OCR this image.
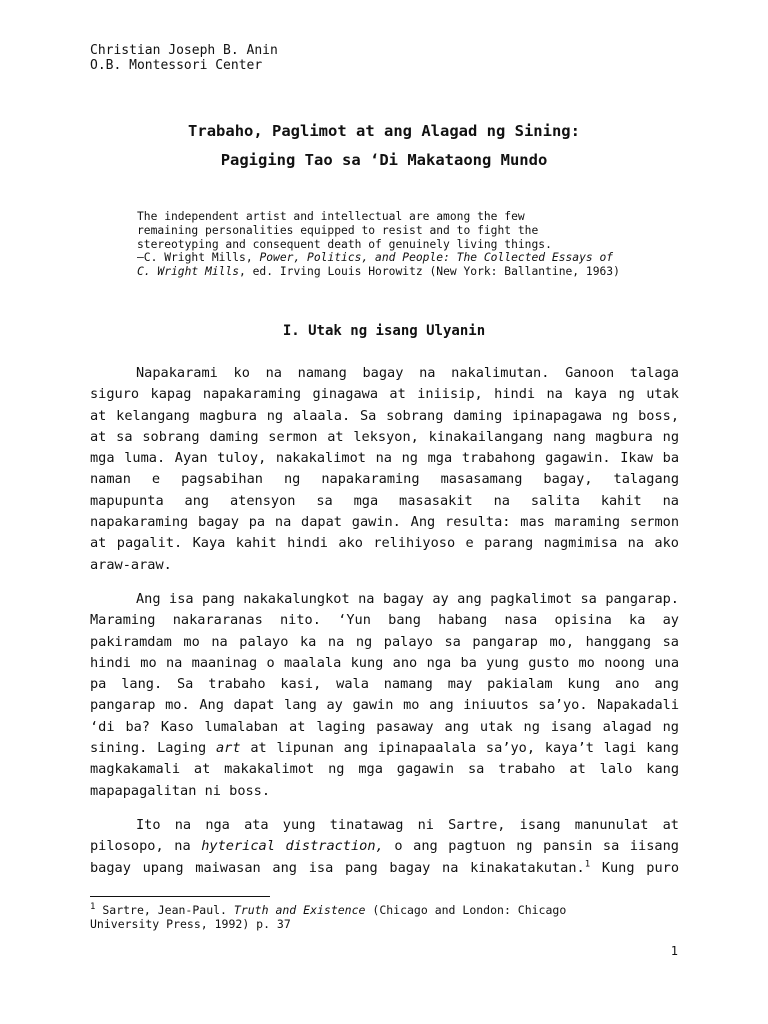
Christian Joseph B. Anin
O.B. Montessori Center
Trabaho, Paglimot at ang Alagad ng Sining:
Pagiging Tao sa ‘Di Makataong Mundo
The independent artist and intellectual are among the few
remaining personalities equipped to resist and to fight the
stereotyping and consequent death of genuinely living things.
–C. Wright Mills, Power, Politics, and People: The Collected Essays of
C. Wright Mills, ed. Irving Louis Horowitz (New York: Ballantine, 1963)
I. Utak ng isang Ulyanin
Napakarami ko na namang bagay na nakalimutan. Ganoon talaga
siguro kapag napakaraming ginagawa at iniisip, hindi na kaya ng utak
at kelangang magbura ng alaala. Sa sobrang daming ipinapagawa ng boss,
at sa sobrang daming sermon at leksyon, kinakailangang nang magbura ng
mga luma. Ayan tuloy, nakakalimot na ng mga trabahong gagawin. Ikaw ba
naman e pagsabihan ng napakaraming masasamang bagay, talagang
mapupunta ang atensyon sa mga masasakit na salita kahit na
napakaraming bagay pa na dapat gawin. Ang resulta: mas maraming sermon
at pagalit. Kaya kahit hindi ako relihiyoso e parang nagmimisa na ako
araw-araw.
Ang isa pang nakakalungkot na bagay ay ang pagkalimot sa pangarap.
Maraming nakararanas nito. ‘Yun bang habang nasa opisina ka ay
pakiramdam mo na palayo ka na ng palayo sa pangarap mo, hanggang sa
hindi mo na maaninag o maalala kung ano nga ba yung gusto mo noong una
pa lang. Sa trabaho kasi, wala namang may pakialam kung ano ang
pangarap mo. Ang dapat lang ay gawin mo ang iniuutos sa’yo. Napakadali
‘di ba? Kaso lumalaban at laging pasaway ang utak ng isang alagad ng
sining. Laging art at lipunan ang ipinapaalala sa’yo, kaya’t lagi kang
magkakamali at makakalimot ng mga gagawin sa trabaho at lalo kang
mapapagalitan ni boss.
Ito na nga ata yung tinatawag ni Sartre, isang manunulat at
pilosopo, na hyterical distraction, o ang pagtuon ng pansin sa iisang
bagay upang maiwasan ang isa pang bagay na kinakatakutan.$^1$ Kung puro
$^1$ Sartre, Jean-Paul. Truth and Existence (Chicago and London: Chicago
University Press, 1992) p. 37
1
